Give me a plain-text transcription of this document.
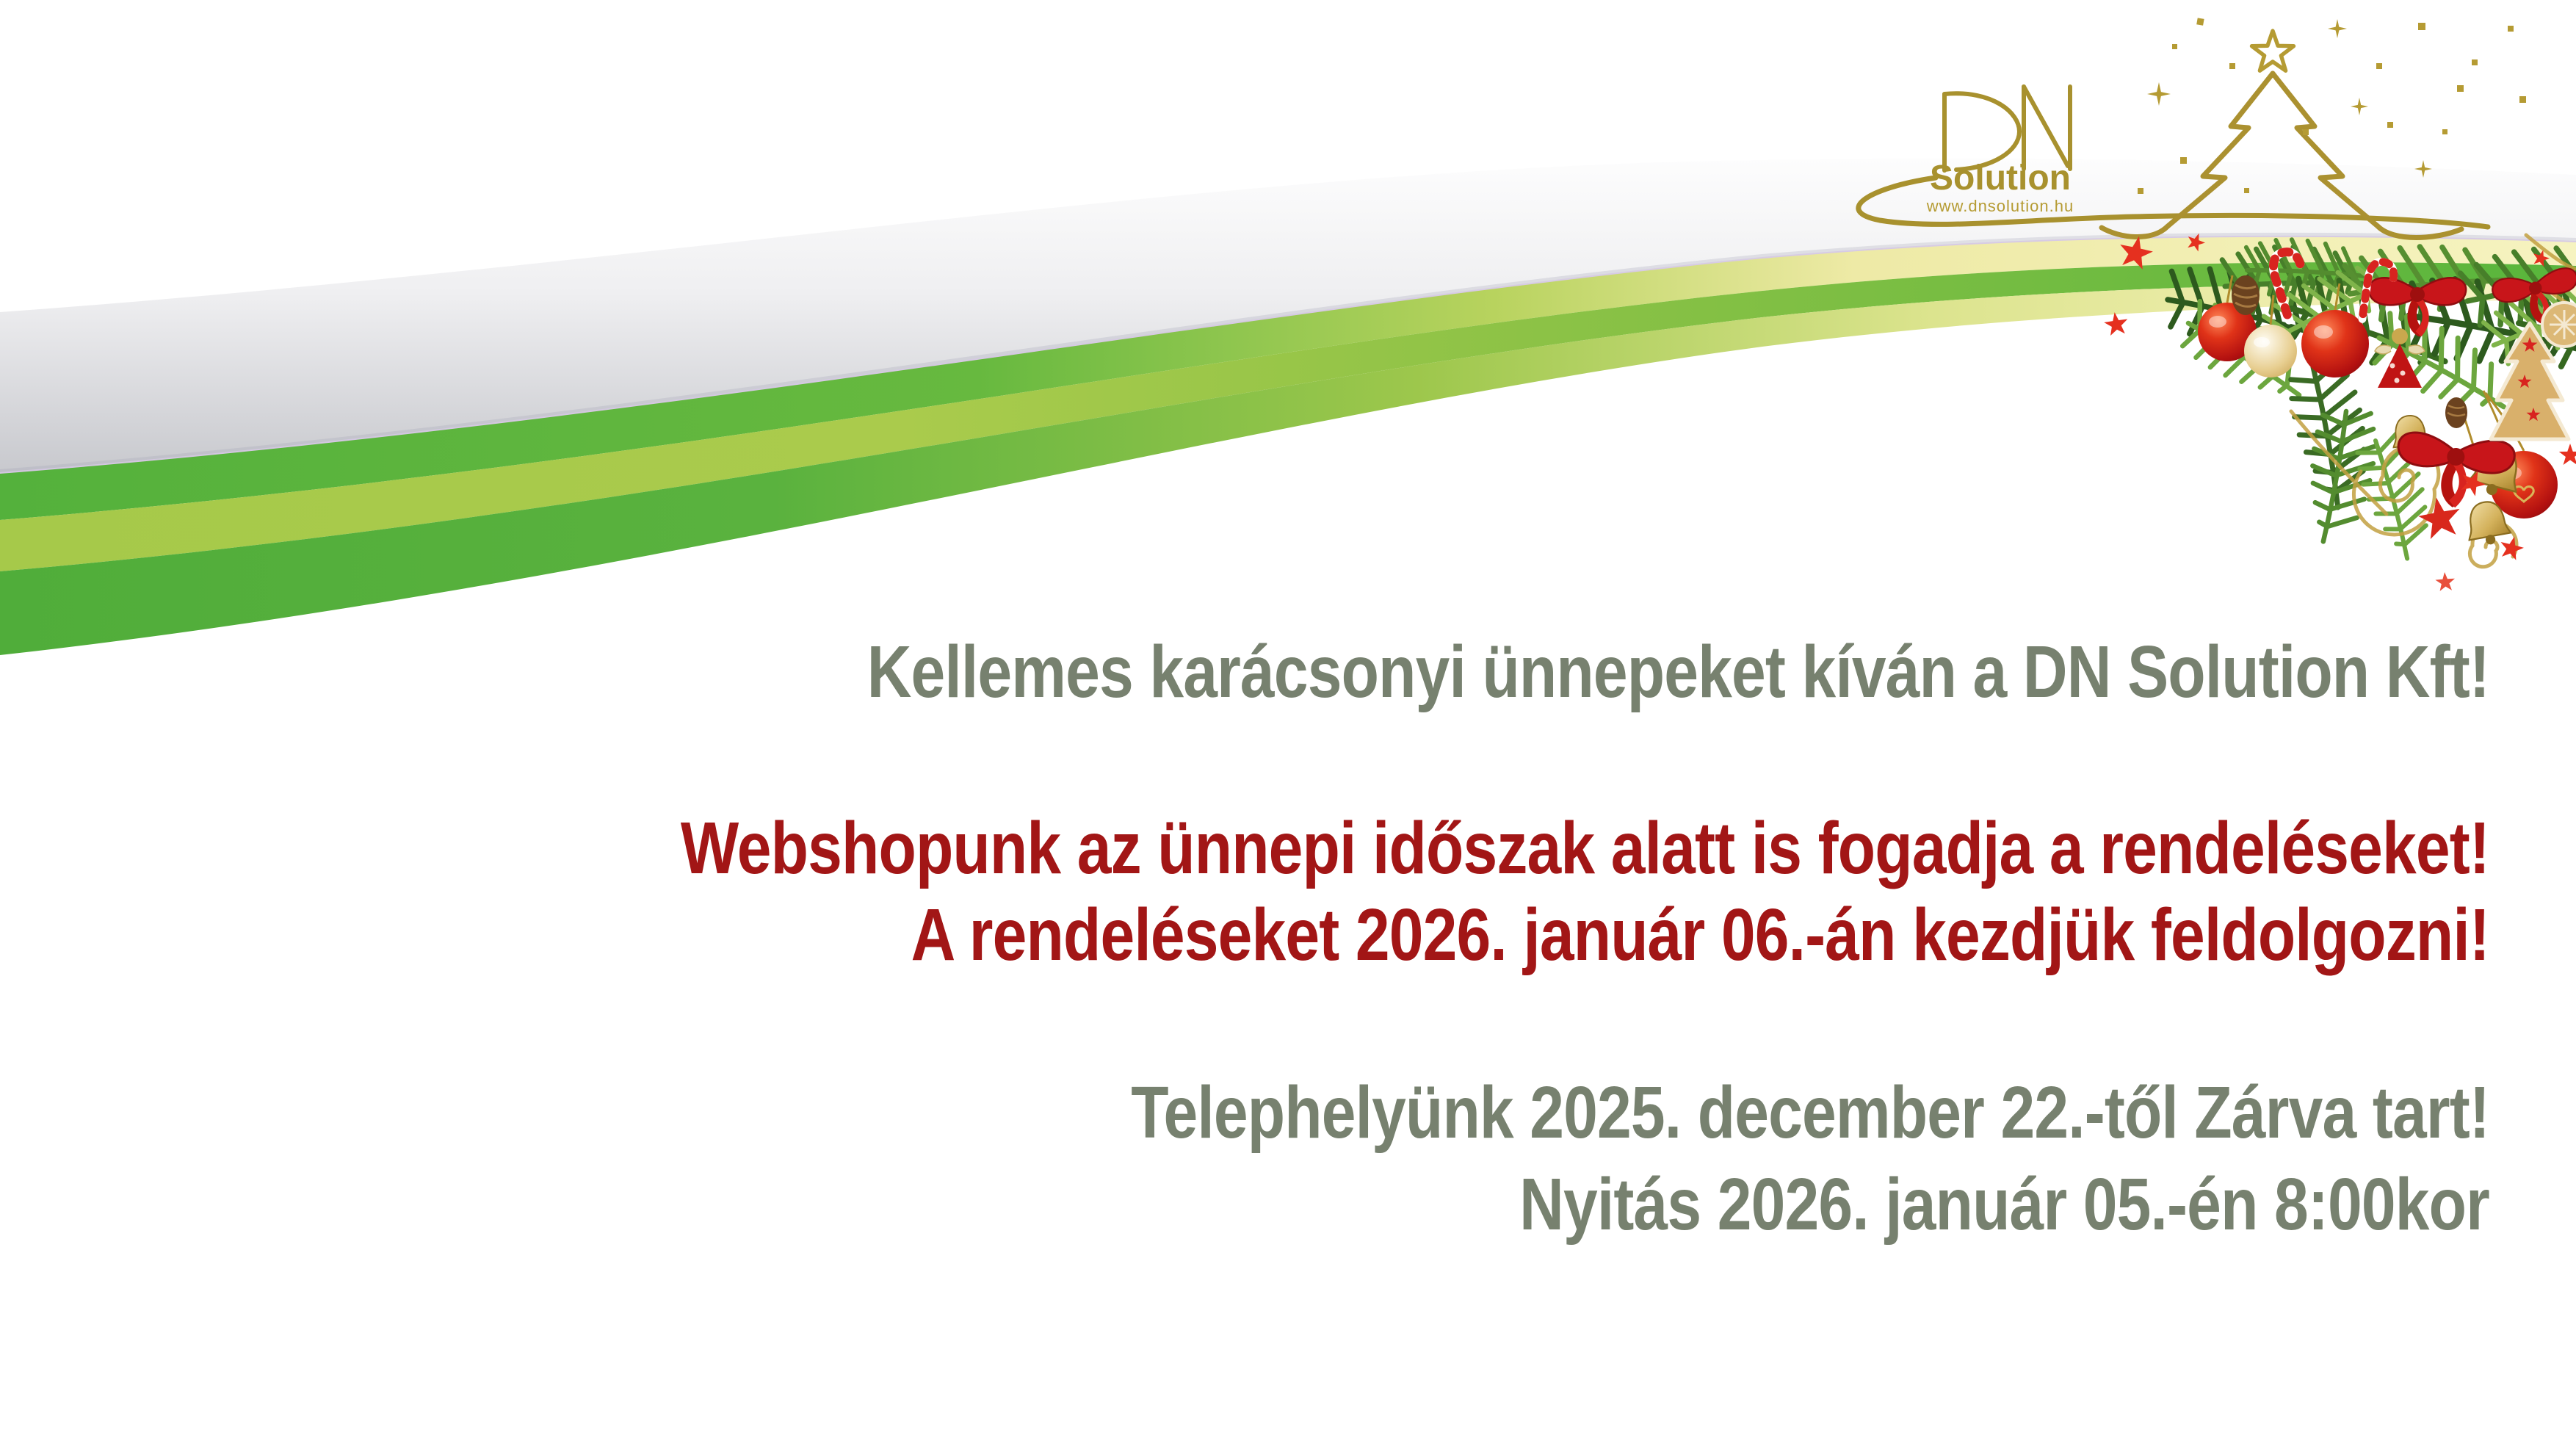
Solution
www.dnsolution.hu
Kellemes karácsonyi ünnepeket kíván a DN Solution Kft!
Webshopunk az ünnepi időszak alatt is fogadja a rendeléseket!
A rendeléseket 2026. január 06.-án kezdjük feldolgozni!
Telephelyünk 2025. december 22.-től Zárva tart!
Nyitás 2026. január 05.-én 8:00kor
